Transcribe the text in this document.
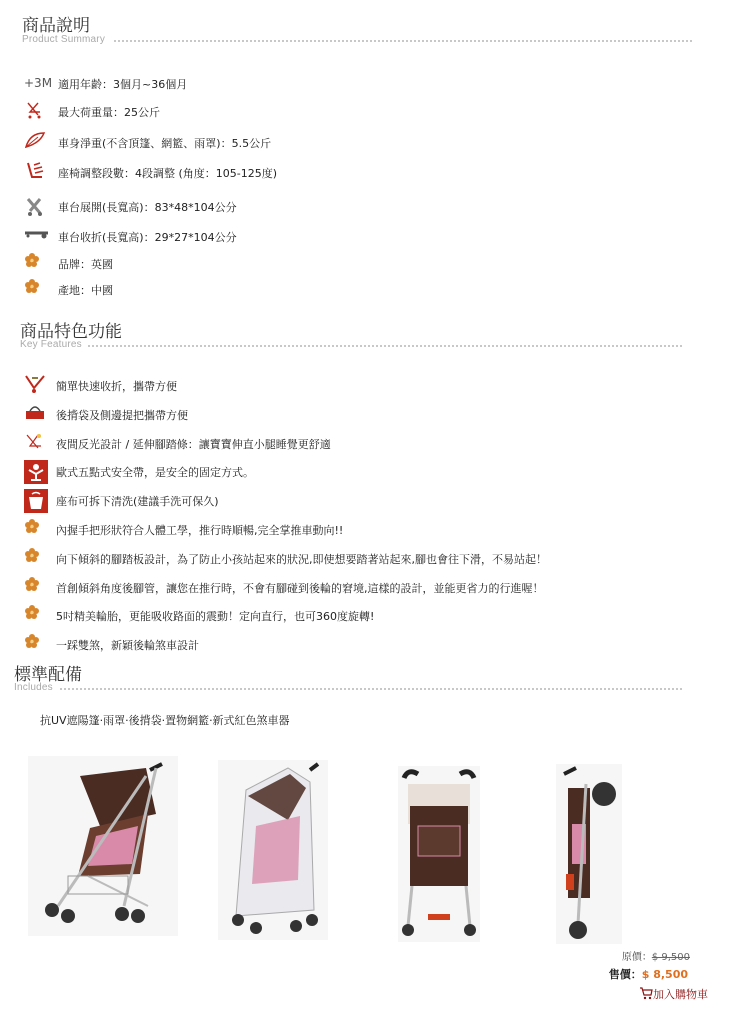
商品說明
Product Summary
+3M 適用年齡：3個月~36個月
最大荷重量：25公斤
車身淨重(不含頂篷、網籃、雨罩)：5.5公斤
座椅調整段數：4段調整 (角度：105-125度)
車台展開(長寬高)：83*48*104公分
車台收折(長寬高)：29*27*104公分
品牌：英國
產地：中國
商品特色功能
Key Features
簡單快速收折，攜帶方便
後揹袋及側邊提把攜帶方便
夜間反光設計 / 延伸腳踏條：讓寶寶伸直小腿睡覺更舒適
歐式五點式安全帶，是安全的固定方式。
座布可拆下清洗(建議手洗可保久)
內握手把形狀符合人體工學，推行時順暢,完全掌推車動向!!
向下傾斜的腳踏板設計，為了防止小孩站起來的狀況,即使想要踏著站起來,腳也會往下滑，不易站起！
首創傾斜角度後腳管，讓您在推行時，不會有腳碰到後輪的窘境,這樣的設計，並能更省力的行進喔！
5吋精美輪胎，更能吸收路面的震動！定向直行，也可360度旋轉!
一踩雙煞，新穎後輪煞車設計
標準配備
Includes
抗UV遮陽篷‧雨罩‧後揹袋‧置物網籃‧新式紅色煞車器
原價：$ 9,500
售價：$ 8,500
加入購物車
